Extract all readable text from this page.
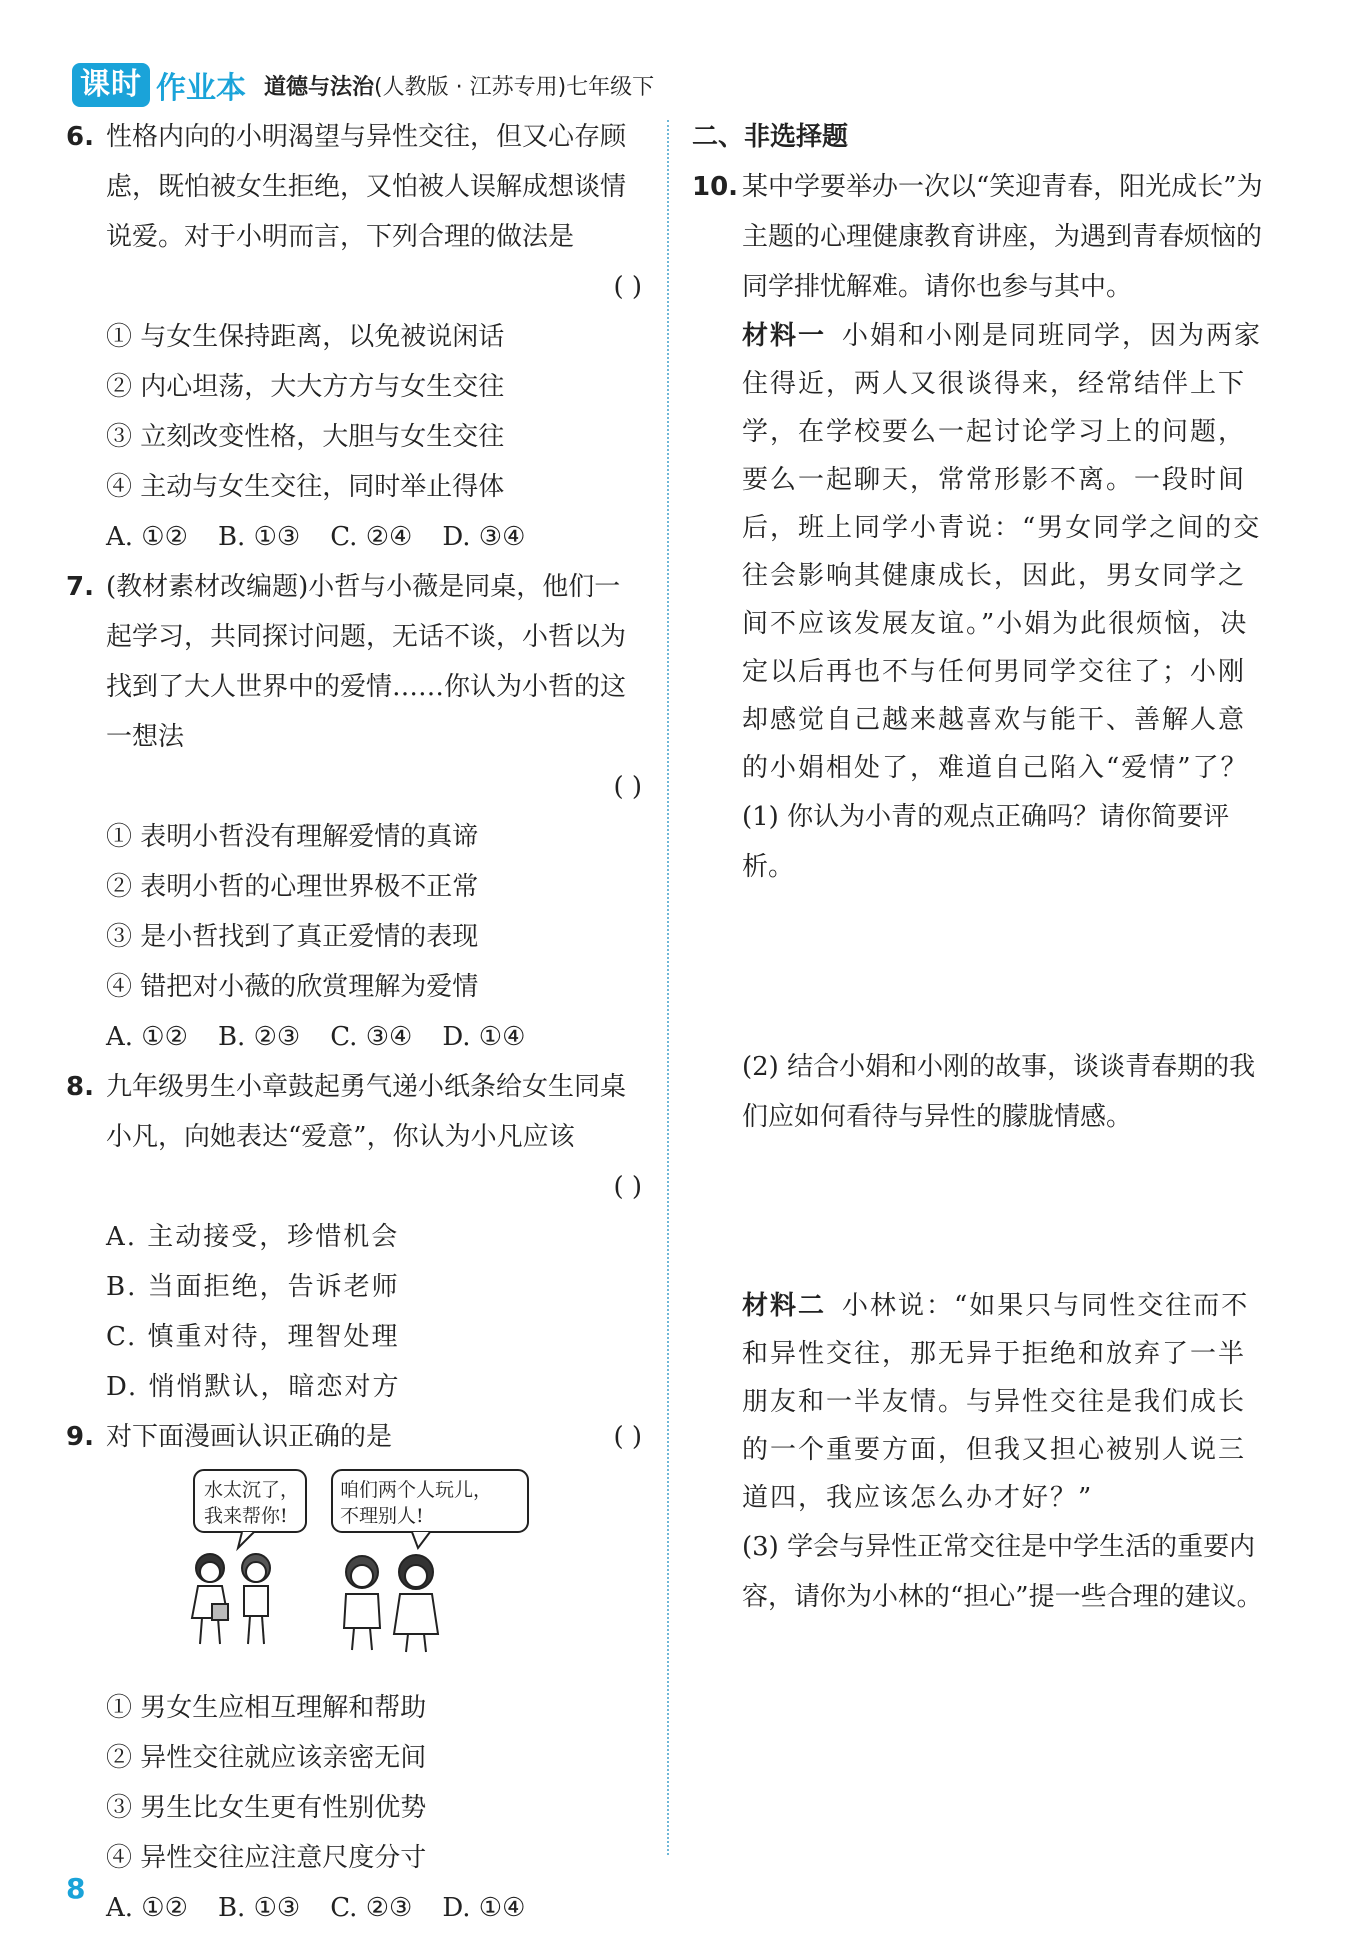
课时 作业本 道德与法治(人教版 · 江苏专用)七年级下
6. 性格内向的小明渴望与异性交往，但又心存顾虑，既怕被女生拒绝，又怕被人误解成想谈情说爱。对于小明而言，下列合理的做法是
( )
① 与女生保持距离，以免被说闲话
② 内心坦荡，大大方方与女生交往
③ 立刻改变性格，大胆与女生交往
④ 主动与女生交往，同时举止得体
A. ①② B. ①③ C. ②④ D. ③④
7. (教材素材改编题)小哲与小薇是同桌，他们一起学习，共同探讨问题，无话不谈，小哲以为找到了大人世界中的爱情……你认为小哲的这一想法
( )
① 表明小哲没有理解爱情的真谛
② 表明小哲的心理世界极不正常
③ 是小哲找到了真正爱情的表现
④ 错把对小薇的欣赏理解为爱情
A. ①② B. ②③ C. ③④ D. ①④
8. 九年级男生小章鼓起勇气递小纸条给女生同桌小凡，向她表达“爱意”，你认为小凡应该
( )
A. 主动接受，珍惜机会
B. 当面拒绝，告诉老师
C. 慎重对待，理智处理
D. 悄悄默认，暗恋对方
9. 对下面漫画认识正确的是	( )
水太沉了，
我来帮你!
咱们两个人玩儿，
不理别人!
① 男女生应相互理解和帮助
② 异性交往就应该亲密无间
③ 男生比女生更有性别优势
④ 异性交往应注意尺度分寸
A. ①② B. ①③ C. ②③ D. ①④
二、非选择题
10. 某中学要举办一次以“笑迎青春，阳光成长”为主题的心理健康教育讲座，为遇到青春烦恼的同学排忧解难。请你也参与其中。
材料一 小娟和小刚是同班同学，因为两家住得近，两人又很谈得来，经常结伴上下学，在学校要么一起讨论学习上的问题，要么一起聊天，常常形影不离。一段时间后，班上同学小青说：“男女同学之间的交往会影响其健康成长，因此，男女同学之间不应该发展友谊。”小娟为此很烦恼，决定以后再也不与任何男同学交往了；小刚却感觉自己越来越喜欢与能干、善解人意的小娟相处了，难道自己陷入“爱情”了？
(1) 你认为小青的观点正确吗？请你简要评析。
(2) 结合小娟和小刚的故事，谈谈青春期的我们应如何看待与异性的朦胧情感。
材料二 小林说：“如果只与同性交往而不和异性交往，那无异于拒绝和放弃了一半朋友和一半友情。与异性交往是我们成长的一个重要方面，但我又担心被别人说三道四，我应该怎么办才好？”
(3) 学会与异性正常交往是中学生活的重要内容，请你为小林的“担心”提一些合理的建议。
8
